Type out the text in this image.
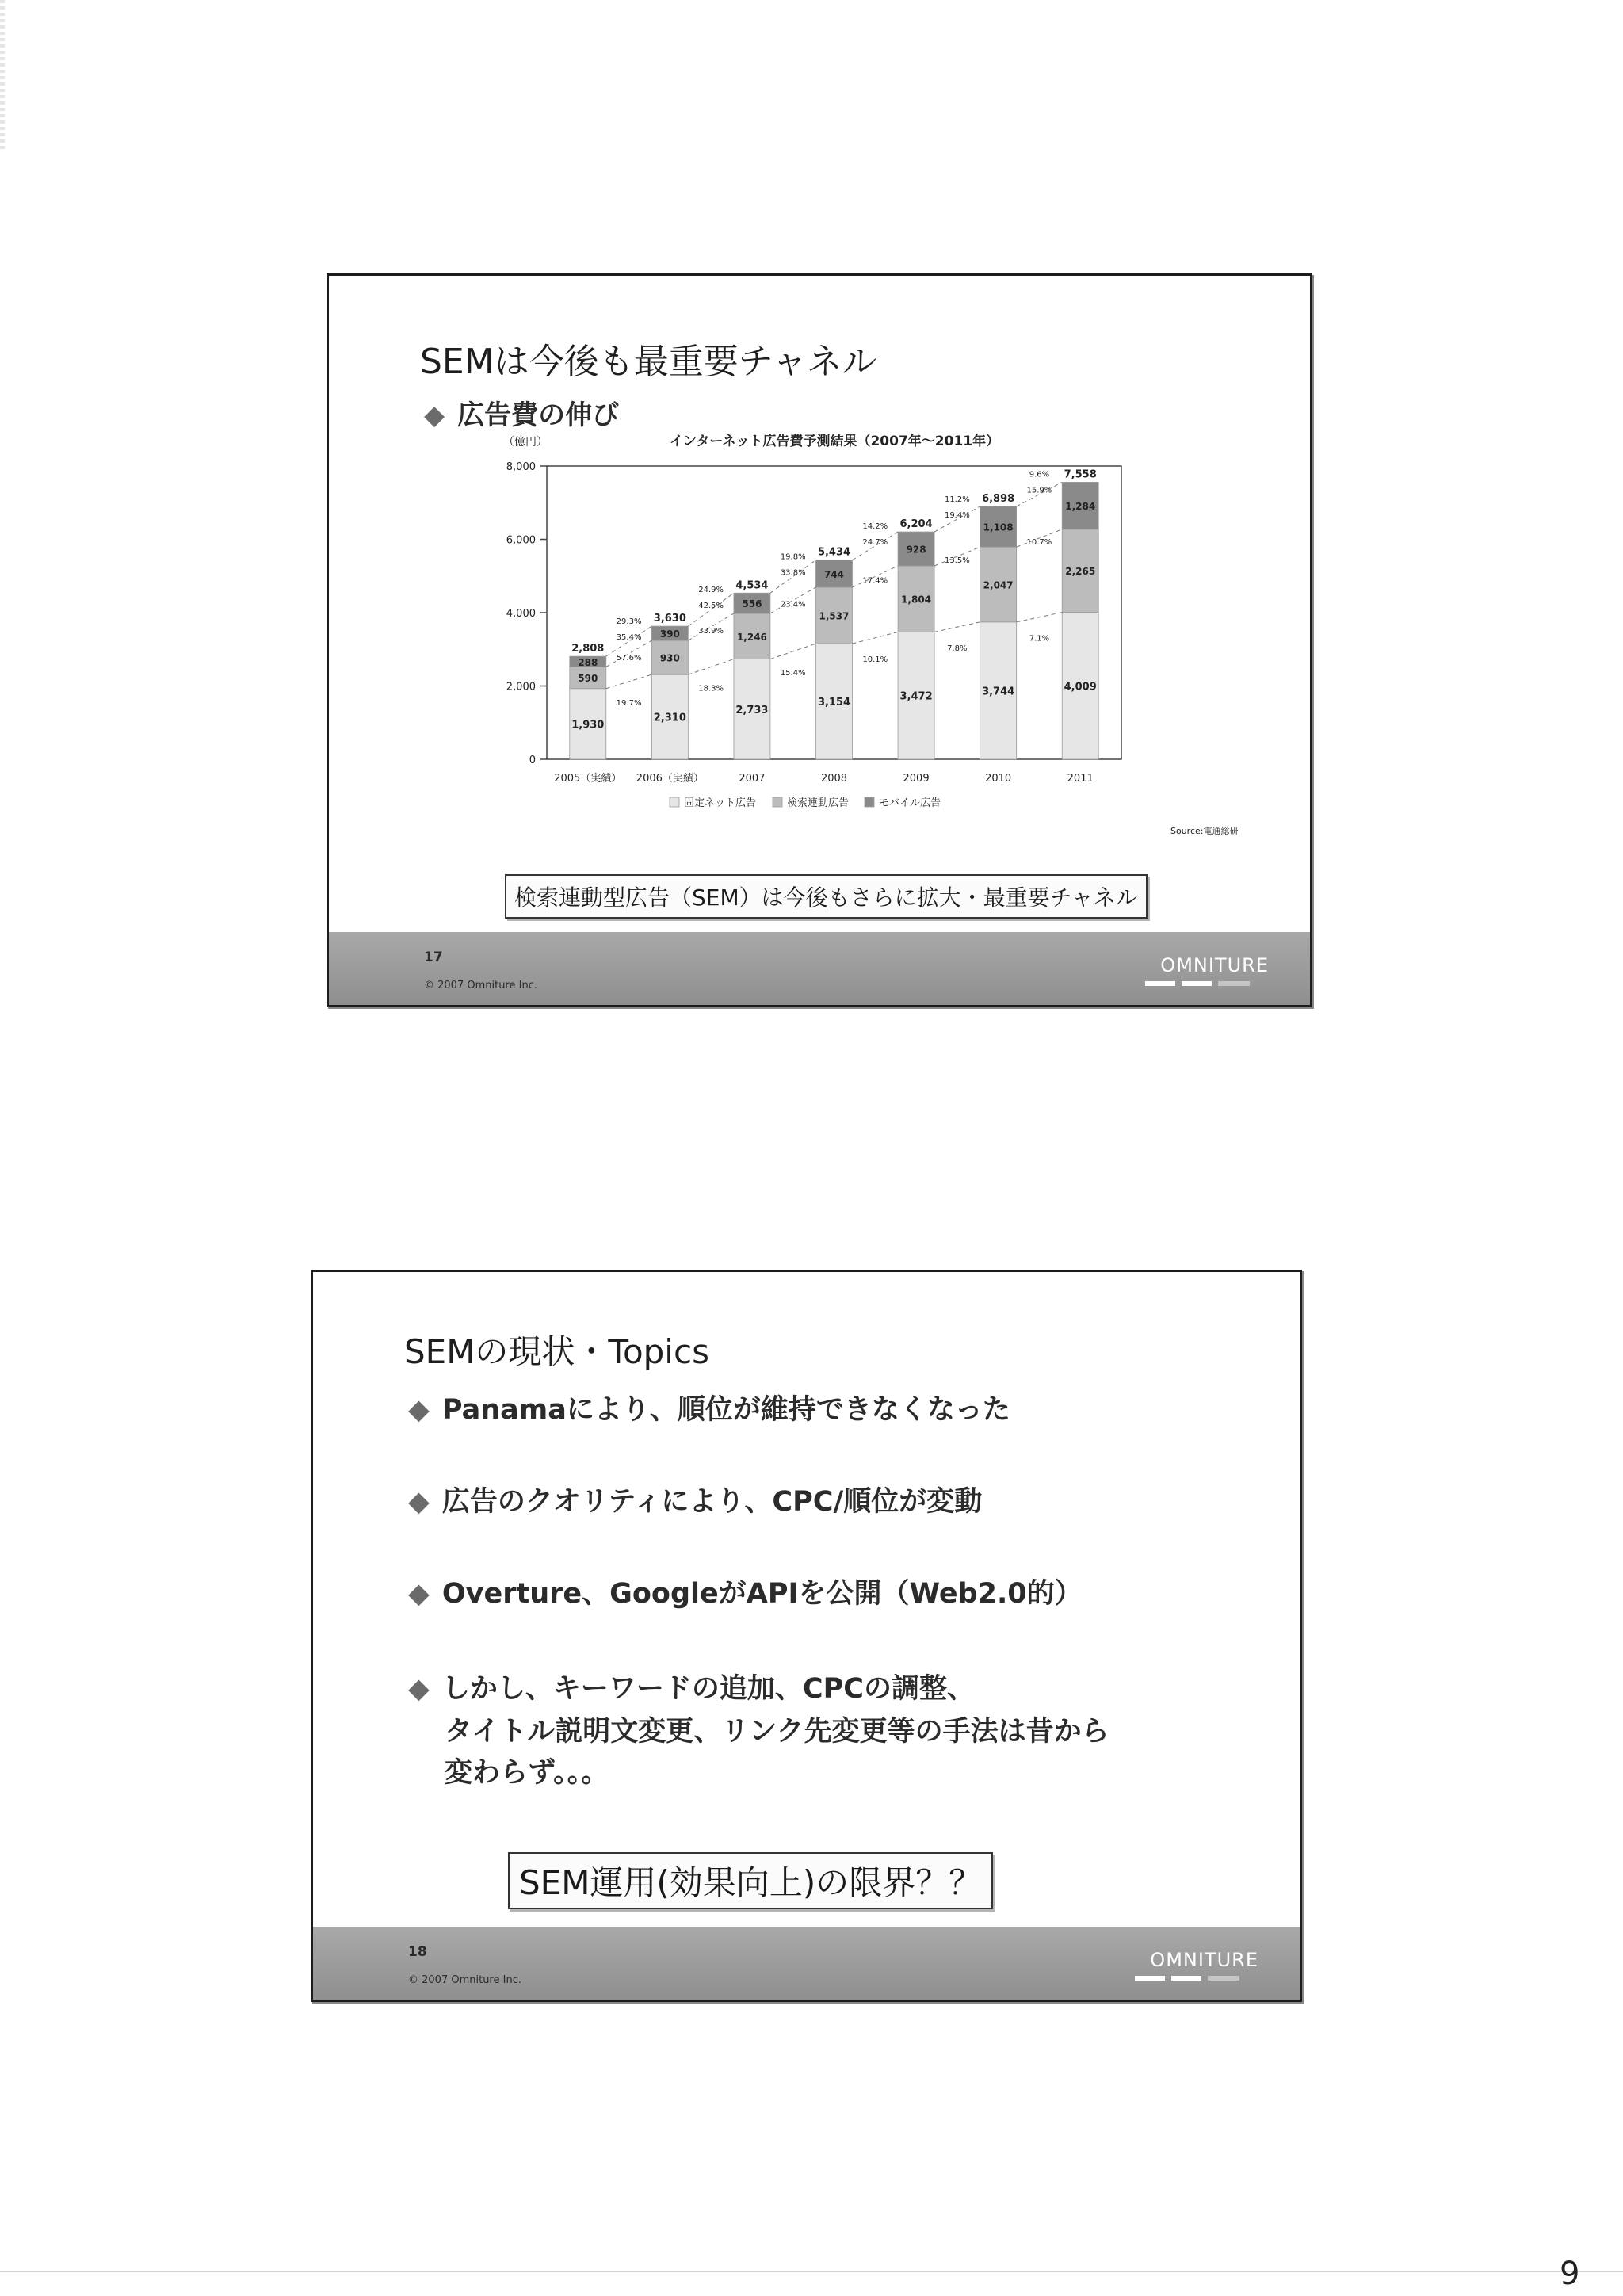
SEMは今後も最重要チャネル
◆ 広告費の伸び
インターネット広告費予測結果（2007年～2011年）
（億円）
0
2,000
4,000
6,000
8,000
1,930
590
288
2,808
2005（実績）
2,310
930
390
3,630
2006（実績）
2,733
1,246
556
4,534
2007
3,154
1,537
744
5,434
2008
3,472
1,804
928
6,204
2009
3,744
2,047
1,108
6,898
2010
4,009
2,265
1,284
7,558
2011
19.7%
57.6%
35.4%
29.3%
18.3%
33.9%
42.5%
24.9%
15.4%
23.4%
33.8%
19.8%
10.1%
17.4%
24.7%
14.2%
7.8%
13.5%
19.4%
11.2%
7.1%
10.7%
15.9%
9.6%
固定ネット広告	検索連動広告	モバイル広告
Source:電通総研
検索連動型広告（SEM）は今後もさらに拡大・最重要チャネル
17
© 2007 Omniture Inc.
OMNITURE
SEMの現状・Topics
◆ Panamaにより、順位が維持できなくなった
◆ 広告のクオリティにより、CPC/順位が変動
◆ Overture、GoogleがAPIを公開（Web2.0的）
◆ しかし、キーワードの追加、CPCの調整、
タイトル説明文変更、リンク先変更等の手法は昔から
変わらず。。。
SEM運用(効果向上)の限界？？
18
© 2007 Omniture Inc.
OMNITURE
9
